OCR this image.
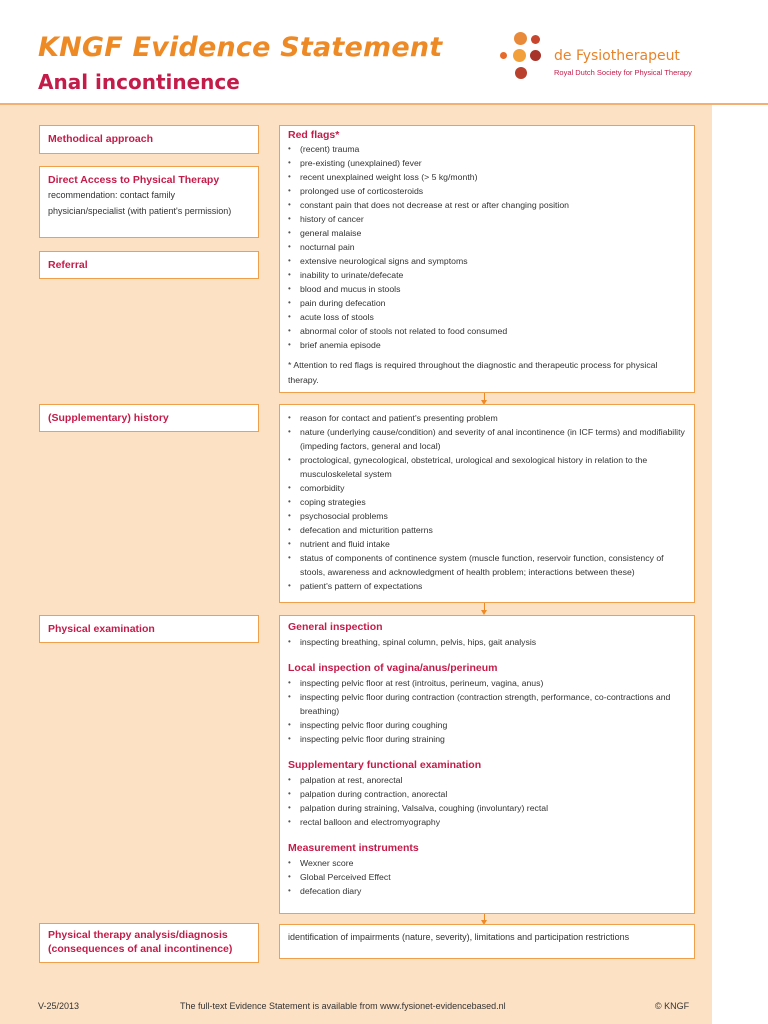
KNGF Evidence Statement
Anal incontinence
de Fysiotherapeut
Royal Dutch Society for Physical Therapy

Methodical approach

Direct Access to Physical Therapy

recommendation: contact family physician/specialist (with patient's permission)

Referral

(Supplementary) history

Physical examination

Physical therapy analysis/diagnosis (consequences of anal incontinence)

Red flags*

• (recent) trauma
• pre-existing (unexplained) fever
• recent unexplained weight loss (> 5 kg/month)
• prolonged use of corticosteroids
• constant pain that does not decrease at rest or after changing position
• history of cancer
• general malaise
• nocturnal pain
• extensive neurological signs and symptoms
• inability to urinate/defecate
• blood and mucus in stools
• pain during defecation
• acute loss of stools
• abnormal color of stools not related to food consumed
• brief anemia episode

* Attention to red flags is required throughout the diagnostic and therapeutic process for physical therapy.

• reason for contact and patient's presenting problem
• nature (underlying cause/condition) and severity of anal incontinence (in ICF terms) and modifiability (impeding factors, general and local)
• proctological, gynecological, obstetrical, urological and sexological history in relation to the musculoskeletal system
• comorbidity
• coping strategies
• psychosocial problems
• defecation and micturition patterns
• nutrient and fluid intake
• status of components of continence system (muscle function, reservoir function, consistency of stools, awareness and acknowledgment of health problem; interactions between these)
• patient's pattern of expectations

General inspection

• inspecting breathing, spinal column, pelvis, hips, gait analysis

Local inspection of vagina/anus/perineum

• inspecting pelvic floor at rest (introitus, perineum, vagina, anus)
• inspecting pelvic floor during contraction (contraction strength, performance, co-contractions and breathing)
• inspecting pelvic floor during coughing
• inspecting pelvic floor during straining

Supplementary functional examination

• palpation at rest, anorectal
• palpation during contraction, anorectal
• palpation during straining, Valsalva, coughing (involuntary) rectal
• rectal balloon and electromyography

Measurement instruments

• Wexner score
• Global Perceived Effect
• defecation diary

identification of impairments (nature, severity), limitations and participation restrictions

V-25/2013	The full-text Evidence Statement is available from www.fysionet-evidencebased.nl	© KNGF
